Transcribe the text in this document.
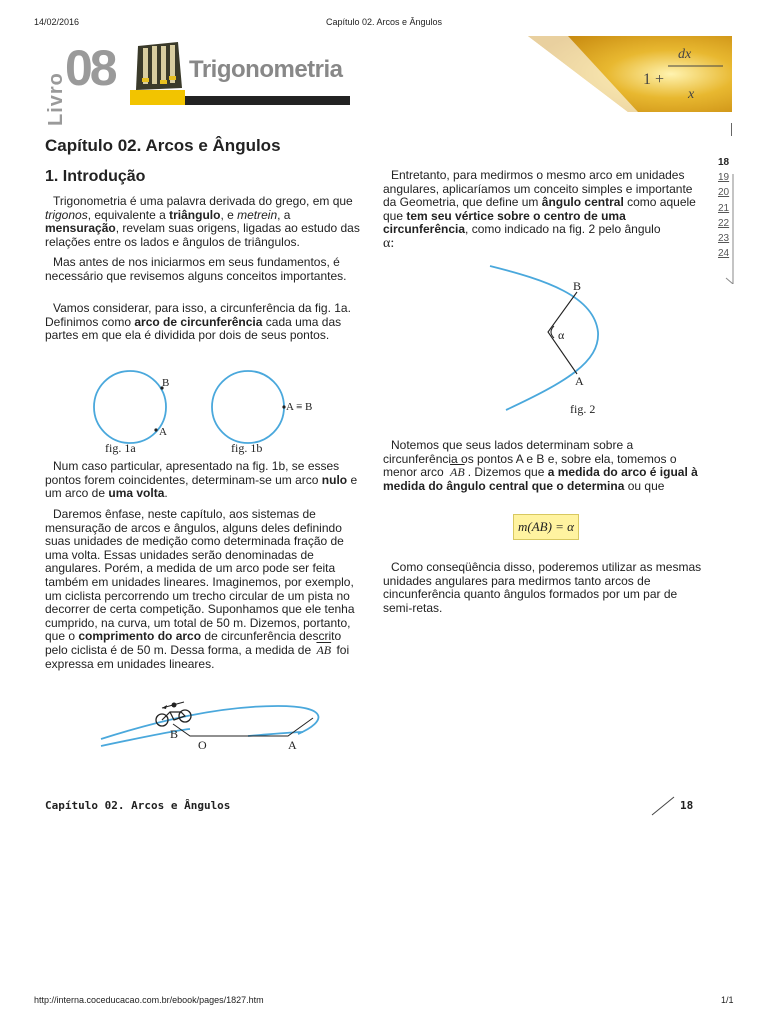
14/02/2016	Capítulo 02. Arcos e Ângulos
Livro
08	Trigonometria
dx
1 +
x
Capítulo 02. Arcos e Ângulos
1. Introdução

Trigonometria é uma palavra derivada do grego, em que trigonos, equivalente a triângulo, e metrein, a mensuração, revelam suas origens, ligadas ao estudo das relações entre os lados e ângulos de triângulos.

Mas antes de nos iniciarmos em seus fundamentos, é necessário que revisemos alguns conceitos importantes.

Vamos considerar, para isso, a circunferência da fig. 1a. Definimos como arco de circunferência cada uma das partes em que ela é dividida por dois de seus pontos.

B
A
fig. 1a
A ≡ B
fig. 1b

Num caso particular, apresentado na fig. 1b, se esses pontos forem coincidentes, determinam-se um arco nulo e um arco de uma volta.

Daremos ênfase, neste capítulo, aos sistemas de mensuração de arcos e ângulos, alguns deles definindo suas unidades de medição como determinada fração de uma volta. Essas unidades serão denominadas de angulares. Porém, a medida de um arco pode ser feita também em unidades lineares. Imaginemos, por exemplo, um ciclista percorrendo um trecho circular de um pista no decorrer de certa competição. Suponhamos que ele tenha cumprido, na curva, um total de 50 m. Dizemos, portanto, que o comprimento do arco de circunferência descrito pelo ciclista é de 50 m. Dessa forma, a medida de $\overline{AB}$ foi expressa em unidades lineares.

B
O	A

Entretanto, para medirmos o mesmo arco em unidades angulares, aplicaríamos um conceito simples e importante da Geometria, que define um ângulo central como aquele que tem seu vértice sobre o centro de uma circunferência, como indicado na fig. 2 pelo ângulo
α:

B
A
α
fig. 2

Notemos que seus lados determinam sobre a circunferência os pontos A e B e, sobre ela, tomemos o menor arco $\overline{AB}$ . Dizemos que a medida do arco é igual à medida do ângulo central que o determina ou que

m(AB) = α

Como conseqüência disso, poderemos utilizar as mesmas unidades angulares para medirmos tanto arcos de cincunferência quanto ângulos formados por um par de semi-retas.

18
19
20
21
22
23
24
Capítulo 02. Arcos e Ângulos	18
http://interna.coceducacao.com.br/ebook/pages/1827.htm	1/1
